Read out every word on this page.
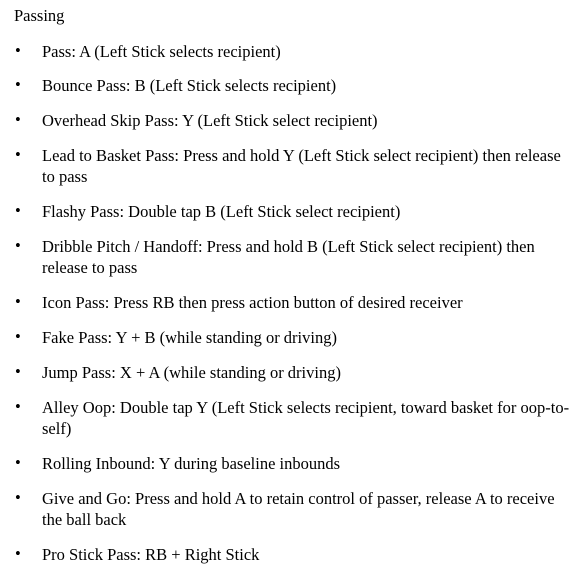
Passing
• Pass: A (Left Stick selects recipient)
• Bounce Pass: B (Left Stick selects recipient)
• Overhead Skip Pass: Y (Left Stick select recipient)
• Lead to Basket Pass: Press and hold Y (Left Stick select recipient) then release to pass
• Flashy Pass: Double tap B (Left Stick select recipient)
• Dribble Pitch / Handoff: Press and hold B (Left Stick select recipient) then release to pass
• Icon Pass: Press RB then press action button of desired receiver
• Fake Pass: Y + B (while standing or driving)
• Jump Pass: X + A (while standing or driving)
• Alley Oop: Double tap Y (Left Stick selects recipient, toward basket for oop-to-self)
• Rolling Inbound: Y during baseline inbounds
• Give and Go: Press and hold A to retain control of passer, release A to receive the ball back
• Pro Stick Pass: RB + Right Stick
